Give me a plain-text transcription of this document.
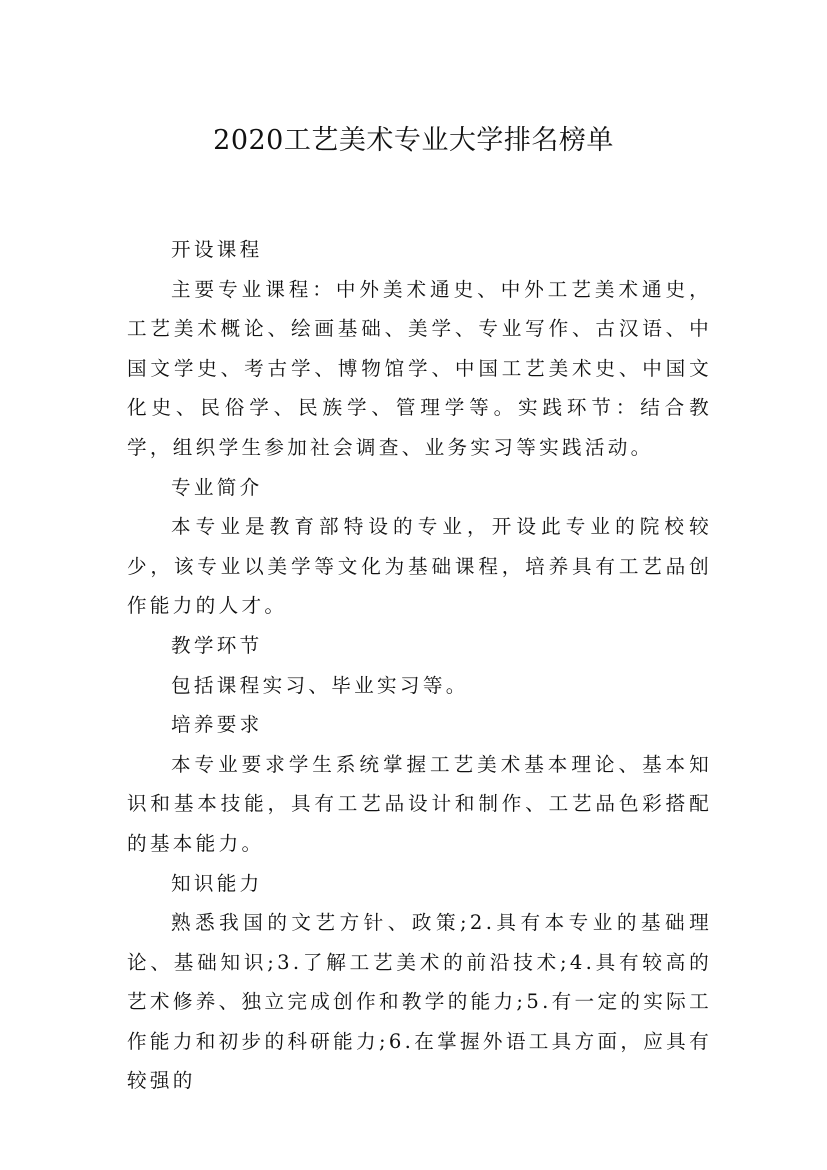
2020工艺美术专业大学排名榜单

开设课程

主要专业课程：中外美术通史、中外工艺美术通史，工艺美术概论、绘画基础、美学、专业写作、古汉语、中国文学史、考古学、博物馆学、中国工艺美术史、中国文化史、民俗学、民族学、管理学等。实践环节：结合教学，组织学生参加社会调查、业务实习等实践活动。

专业简介

本专业是教育部特设的专业，开设此专业的院校较少，该专业以美学等文化为基础课程，培养具有工艺品创作能力的人才。

教学环节

包括课程实习、毕业实习等。

培养要求

本专业要求学生系统掌握工艺美术基本理论、基本知识和基本技能，具有工艺品设计和制作、工艺品色彩搭配的基本能力。

知识能力

熟悉我国的文艺方针、政策;2.具有本专业的基础理论、基础知识;3.了解工艺美术的前沿技术;4.具有较高的艺术修养、独立完成创作和教学的能力;5.有一定的实际工作能力和初步的科研能力;6.在掌握外语工具方面，应具有较强的
